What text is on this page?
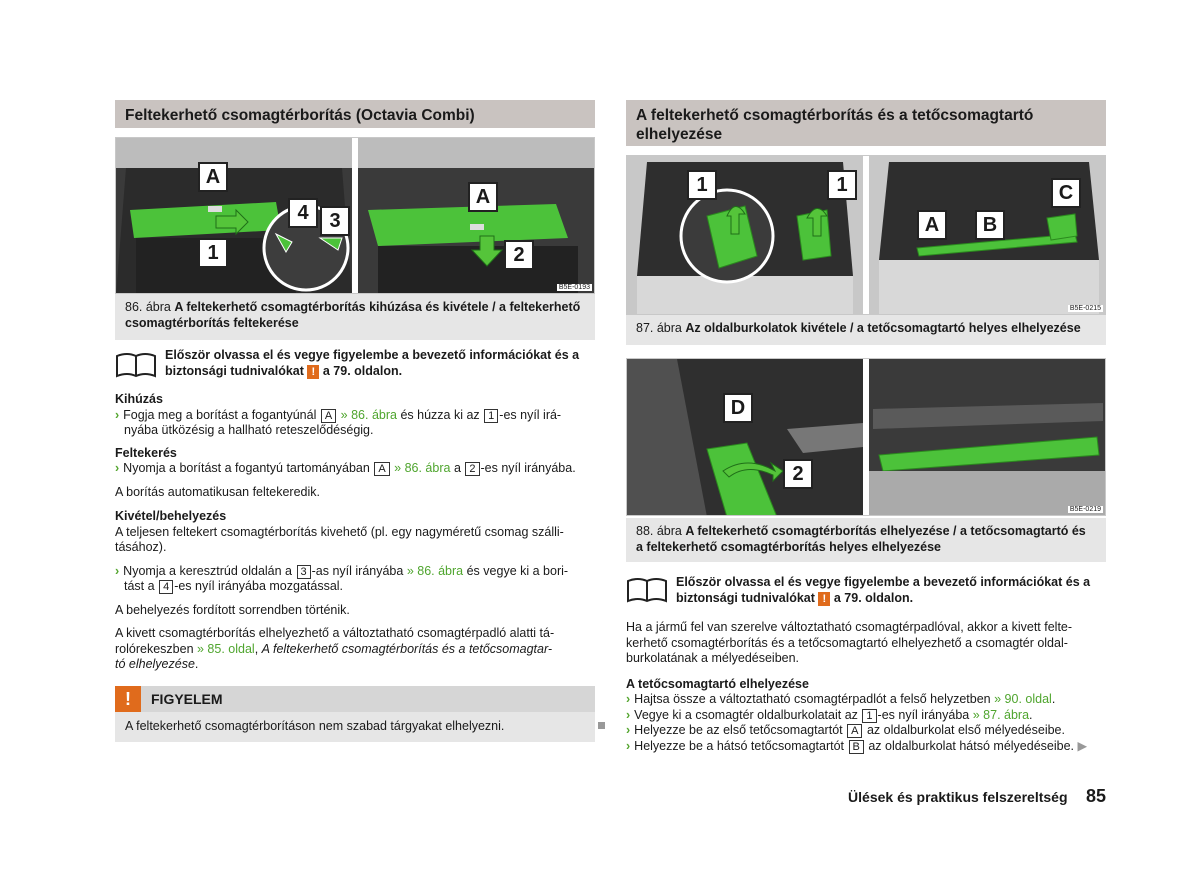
Feltekerhető csomagtérborítás (Octavia Combi)
A
1
4	3
A
2
B5E-0193
86. ábra A feltekerhető csomagtérborítás kihúzása és kivétele / a feltekerhető csomagtérborítás feltekerése
Először olvassa el és vegye figyelembe a bevezető információkat és a
biztonsági tudnivalókat ! a 79. oldalon.
Kihúzás
› Fogja meg a borítást a fogantyúnál A » 86. ábra és húzza ki az 1 -es nyíl irá-
nyába ütközésig a hallható reteszelődéségig.
Feltekerés
› Nyomja a borítást a fogantyú tartományában A » 86. ábra a 2 -es nyíl irányába.
A borítás automatikusan feltekeredik.
Kivétel/behelyezés
A teljesen feltekert csomagtérborítás kivehető (pl. egy nagyméretű csomag szálli-
tásához).
› Nyomja a keresztrúd oldalán a 3 -as nyíl irányába » 86. ábra és vegye ki a bori-
tást a 4 -es nyíl irányába mozgatással.
A behelyezés fordított sorrendben történik.
A kivett csomagtérborítás elhelyezhető a változtatható csomagtérpadló alatti tá-
rolórekeszben » 85. oldal, A feltekerhető csomagtérborítás és a tetőcsomagtar-
tó elhelyezése.
!	FIGYELEM
A feltekerhető csomagtérborításon nem szabad tárgyakat elhelyezni.
A feltekerhető csomagtérborítás és a tetőcsomagtartó elhelyezése
1	1	C
A	B
B5E-0215
87. ábra Az oldalburkolatok kivétele / a tetőcsomagtartó helyes elhelyezése
D
2
B5E-0219
88. ábra A feltekerhető csomagtérborítás elhelyezése / a tetőcsomagtartó és a feltekerhető csomagtérborítás helyes elhelyezése
Először olvassa el és vegye figyelembe a bevezető információkat és a
biztonsági tudnivalókat ! a 79. oldalon.
Ha a jármű fel van szerelve változtatható csomagtérpadlóval, akkor a kivett felte-
kerhető csomagtérborítás és a tetőcsomagtartó elhelyezhető a csomagtér oldal-
burkolatának a mélyedéseiben.
A tetőcsomagtartó elhelyezése
› Hajtsa össze a változtatható csomagtérpadlót a felső helyzetben » 90. oldal.
› Vegye ki a csomagtér oldalburkolatait az 1 -es nyíl irányába » 87. ábra.
› Helyezze be az első tetőcsomagtartót A az oldalburkolat első mélyedéseibe.
› Helyezze be a hátsó tetőcsomagtartót B az oldalburkolat hátsó mélyedéseibe. ▶
Ülések és praktikus felszereltség 85
